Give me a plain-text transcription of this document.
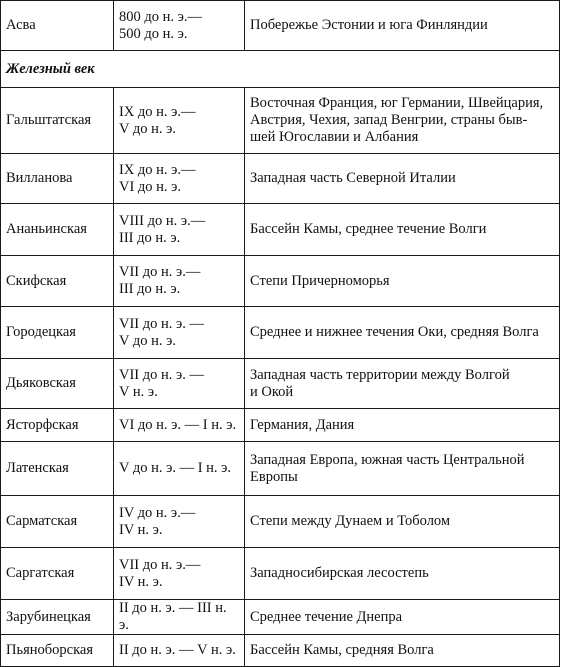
Асва	800 до н. э.—
500 до н. э.	Побережье Эстонии и юга Финляндии
Железный век		
Гальштатская	IX до н. э.—
V до н. э.	Восточная Франция, юг Германии, Швейцария,
Австрия, Чехия, запад Венгрии, страны быв-
шей Югославии и Албания
Вилланова	IX до н. э.—
VI до н. э.	Западная часть Северной Италии
Ананьинская	VIII до н. э.—
III до н. э.	Бассейн Камы, среднее течение Волги
Скифская	VII до н. э.—
III до н. э.	Степи Причерноморья
Городецкая	VII до н. э. —
V до н. э.	Среднее и нижнее течения Оки, средняя Волга
Дьяковская	VII до н. э. —
V н. э.	Западная часть территории между Волгой
и Окой
Ясторфская	VI до н. э. — I н. э.	Германия, Дания
Латенская	V до н. э. — I н. э.	Западная Европа, южная часть Центральной
Европы
Сарматская	IV до н. э.—
IV н. э.	Степи между Дунаем и Тоболом
Саргатская	VII до н. э.—
IV н. э.	Западносибирская лесостепь
Зарубинецкая	II до н. э. — III н. э.	Среднее течение Днепра
Пьяноборская	II до н. э. — V н. э.	Бассейн Камы, средняя Волга
